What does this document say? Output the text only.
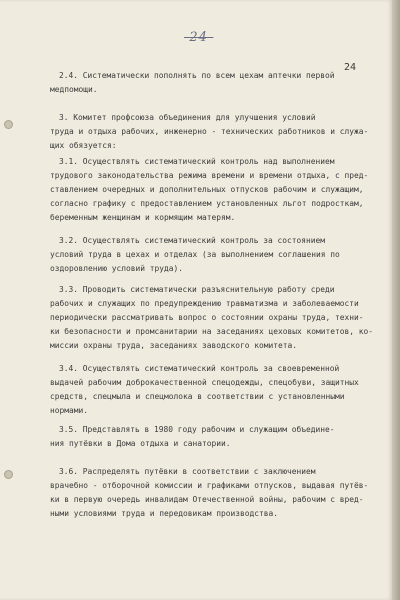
-24-
24
2.4. Систематически пополнять по всем цехам аптечки первой
медпомощи.
3. Комитет профсоюза объединения для улучшения условий
труда и отдыха рабочих, инженерно - технических работников и служа-
щих обязуется:
3.1. Осуществлять систематический контроль над выполнением
трудового законодательства режима времени и времени отдыха, с пред-
ставлением очередных и дополнительных отпусков рабочим и служащим,
согласно графику с предоставлением установленных льгот подросткам,
беременным женщинам и кормящим матерям.
3.2. Осуществлять систематический контроль за состоянием
условий труда в цехах и отделах (за выполнением соглашения по
оздоровлению условий труда).
3.3. Проводить систематически разъяснительную работу среди
рабочих и служащих по предупреждению травматизма и заболеваемости
периодически рассматривать вопрос о состоянии охраны труда, техни-
ки безопасности и промсанитарии на заседаниях цеховых комитетов, ко-
миссии охраны труда, заседаниях заводского комитета.
3.4. Осуществлять систематический контроль за своевременной
выдачей рабочим доброкачественной спецодежды, спецобуви, защитных
средств, спецмыла и спецмолока в соответствии с установленными
нормами.
3.5. Представлять в 1980 году рабочим и служащим объедине-
ния путёвки в Дома отдыха и санатории.
3.6. Распределять путёвки в соответствии с заключением
врачебно - отборочной комиссии и графиками отпусков, выдавая путёв-
ки в первую очередь инвалидам Отечественной войны, рабочим с вред-
ными условиями труда и передовикам производства.
